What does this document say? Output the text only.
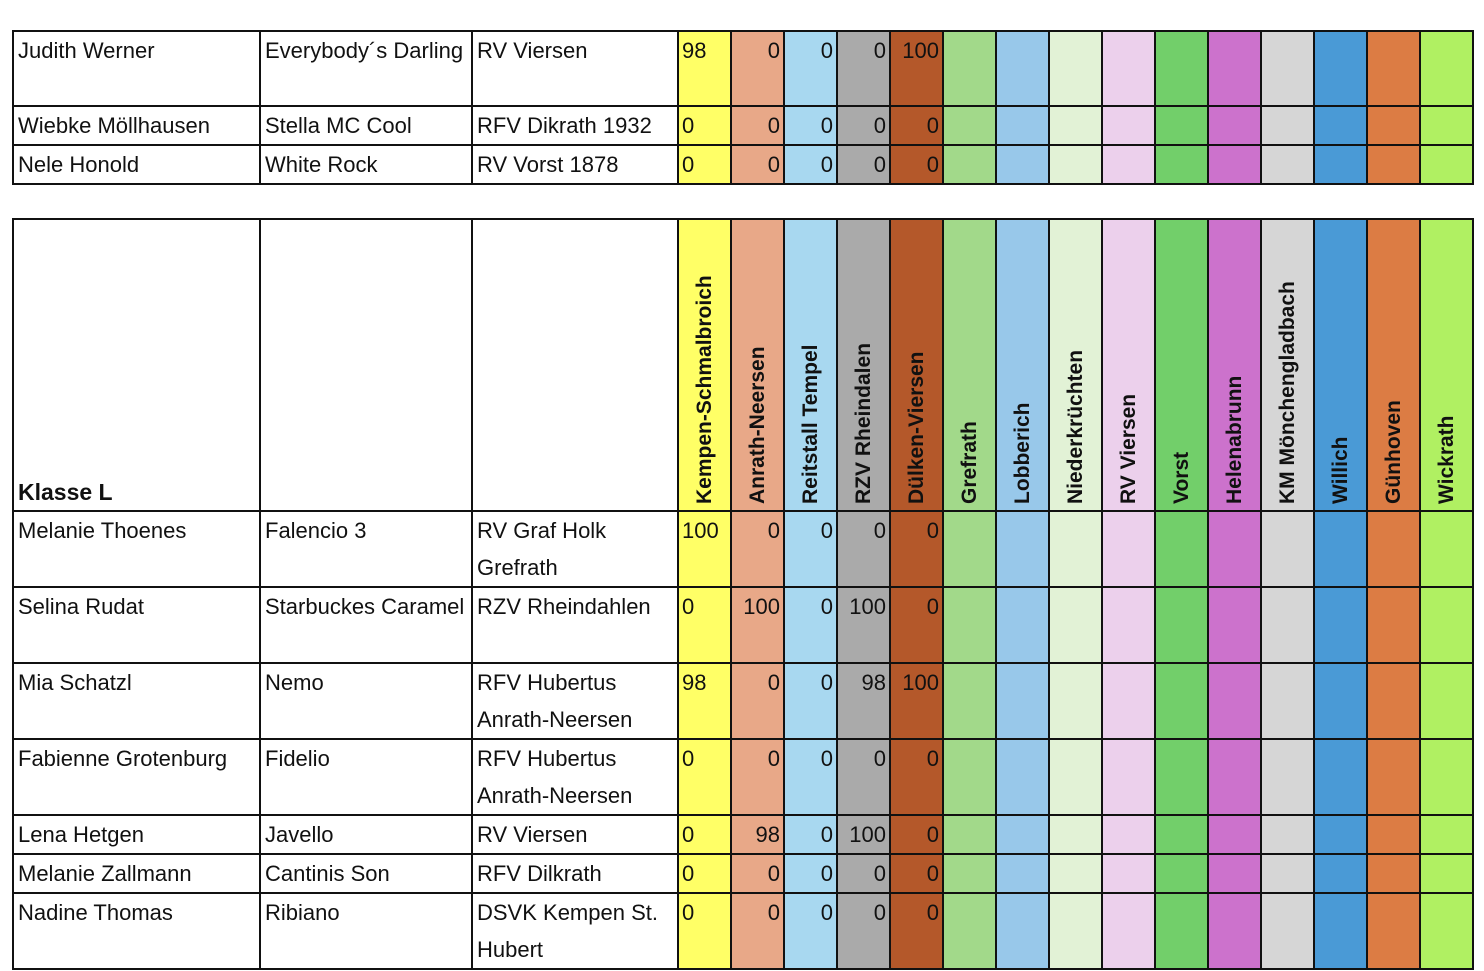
Judith Werner	Everybody´s Darling	RV Viersen	98	0	0	0	100										
Wiebke Möllhausen	Stella MC Cool	RFV Dikrath 1932	0	0	0	0	0										
Nele Honold	White Rock	RV Vorst 1878	0	0	0	0	0										
Klasse L			Kempen-Schmalbroich	Anrath-Neersen	Reitstall Tempel	RZV Rheindalen	Dülken-Viersen	Grefrath	Lobberich	Niederkrüchten	RV Viersen	Vorst	Helenabrunn	KM Mönchengladbach	Willich	Günhoven	Wickrath

Melanie Thoenes	Falencio 3	RV Graf Holk Grefrath	100	0	0	0	0										
Selina Rudat	Starbuckes Caramel	RZV Rheindahlen	0	100	0	100	0										
Mia Schatzl	Nemo	RFV Hubertus Anrath-Neersen	98	0	0	98	100										
Fabienne Grotenburg	Fidelio	RFV Hubertus Anrath-Neersen	0	0	0	0	0										
Lena Hetgen	Javello	RV Viersen	0	98	0	100	0										
Melanie Zallmann	Cantinis Son	RFV Dilkrath	0	0	0	0	0										
Nadine Thomas	Ribiano	DSVK Kempen St. Hubert	0	0	0	0	0										
